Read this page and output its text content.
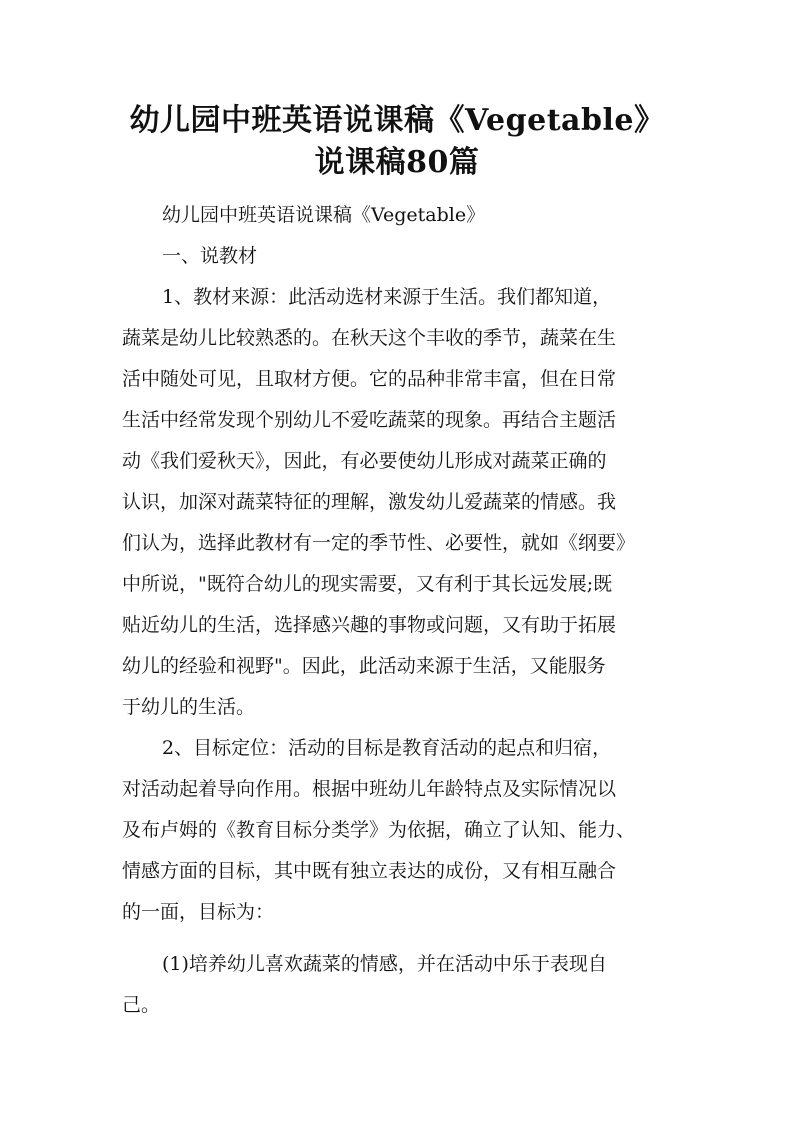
幼儿园中班英语说课稿《Vegetable》
说课稿80篇
幼儿园中班英语说课稿《Vegetable》
一、说教材
1、教材来源：此活动选材来源于生活。我们都知道，
蔬菜是幼儿比较熟悉的。在秋天这个丰收的季节，蔬菜在生
活中随处可见，且取材方便。它的品种非常丰富，但在日常
生活中经常发现个别幼儿不爱吃蔬菜的现象。再结合主题活
动《我们爱秋天》，因此，有必要使幼儿形成对蔬菜正确的
认识，加深对蔬菜特征的理解，激发幼儿爱蔬菜的情感。我
们认为，选择此教材有一定的季节性、必要性，就如《纲要》
中所说，"既符合幼儿的现实需要，又有利于其长远发展;既
贴近幼儿的生活，选择感兴趣的事物或问题，又有助于拓展
幼儿的经验和视野"。因此，此活动来源于生活，又能服务
于幼儿的生活。
2、目标定位：活动的目标是教育活动的起点和归宿，
对活动起着导向作用。根据中班幼儿年龄特点及实际情况以
及布卢姆的《教育目标分类学》为依据，确立了认知、能力、
情感方面的目标，其中既有独立表达的成份，又有相互融合
的一面，目标为：
(1)培养幼儿喜欢蔬菜的情感，并在活动中乐于表现自
己。
